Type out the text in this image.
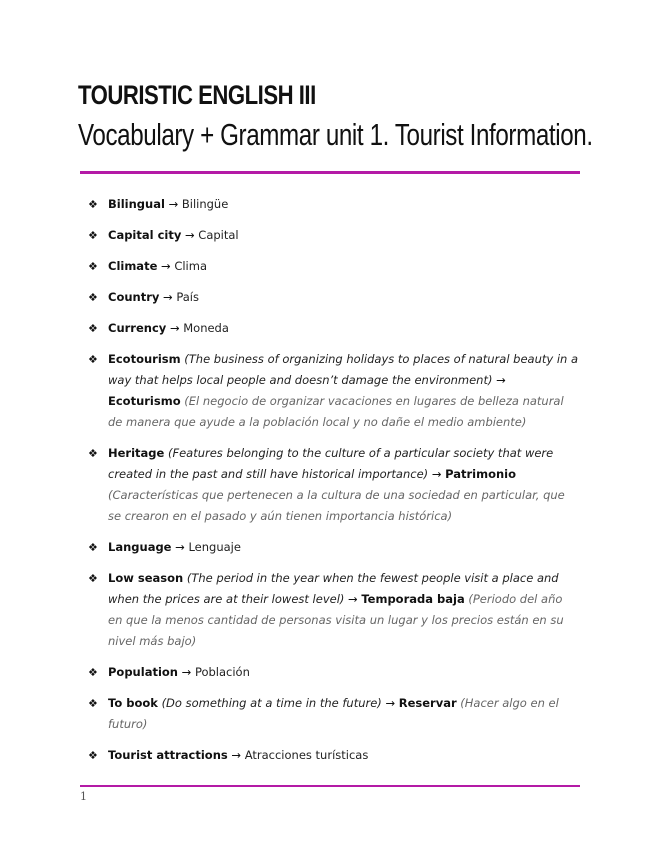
TOURISTIC ENGLISH III
Vocabulary + Grammar unit 1. Tourist Information.
❖ Bilingual → Bilingüe
❖ Capital city → Capital
❖ Climate → Clima
❖ Country → País
❖ Currency → Moneda
❖ Ecotourism (The business of organizing holidays to places of natural beauty in a way that helps local people and doesn’t damage the environment) → Ecoturismo (El negocio de organizar vacaciones en lugares de belleza natural de manera que ayude a la población local y no dañe el medio ambiente)
❖ Heritage (Features belonging to the culture of a particular society that were created in the past and still have historical importance) → Patrimonio (Características que pertenecen a la cultura de una sociedad en particular, que se crearon en el pasado y aún tienen importancia histórica)
❖ Language → Lenguaje
❖ Low season (The period in the year when the fewest people visit a place and when the prices are at their lowest level) → Temporada baja (Periodo del año en que la menos cantidad de personas visita un lugar y los precios están en su nivel más bajo)
❖ Population → Población
❖ To book (Do something at a time in the future) → Reservar (Hacer algo en el futuro)
❖ Tourist attractions → Atracciones turísticas
1
